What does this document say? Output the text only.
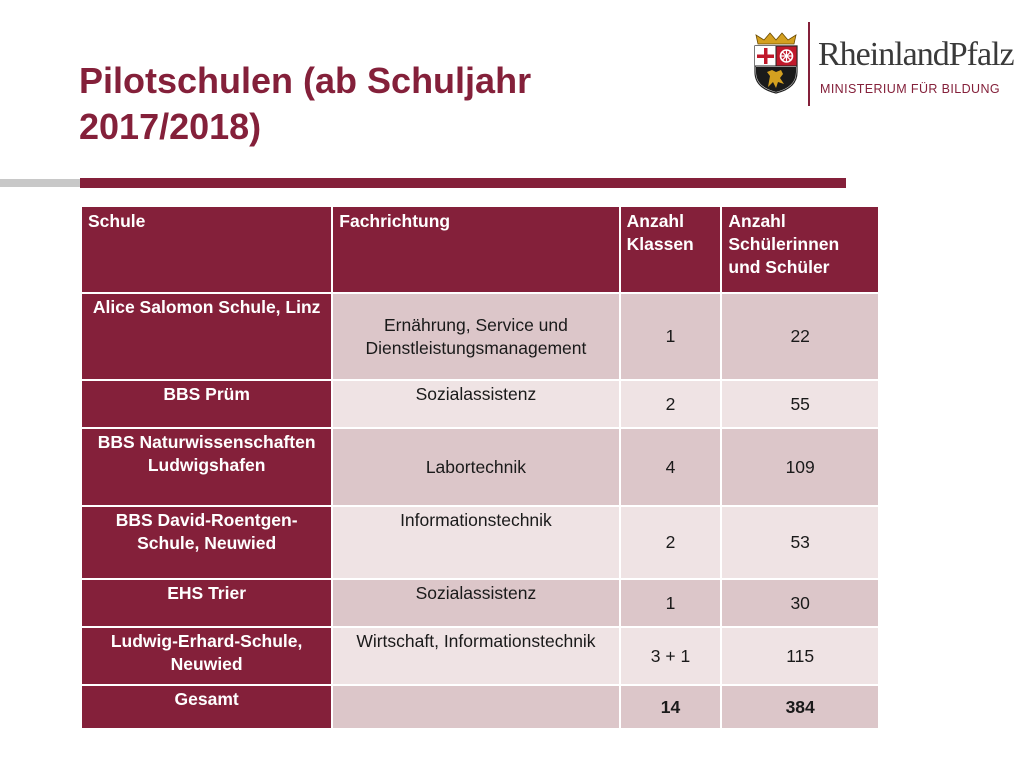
Pilotschulen (ab Schuljahr 2017/2018)
RheinlandPfalz
MINISTERIUM FÜR BILDUNG
Schule	Fachrichtung	Anzahl Klassen	Anzahl Schülerinnen und Schüler
Alice Salomon Schule, Linz	Ernährung, Service und Dienstleistungsmanagement	1	22
BBS Prüm	Sozialassistenz	2	55
BBS Naturwissenschaften Ludwigshafen	Labortechnik	4	109
BBS David-Roentgen-Schule, Neuwied	Informationstechnik	2	53
EHS Trier	Sozialassistenz	1	30
Ludwig-Erhard-Schule, Neuwied	Wirtschaft, Informationstechnik	3 + 1	115
Gesamt		14	384
